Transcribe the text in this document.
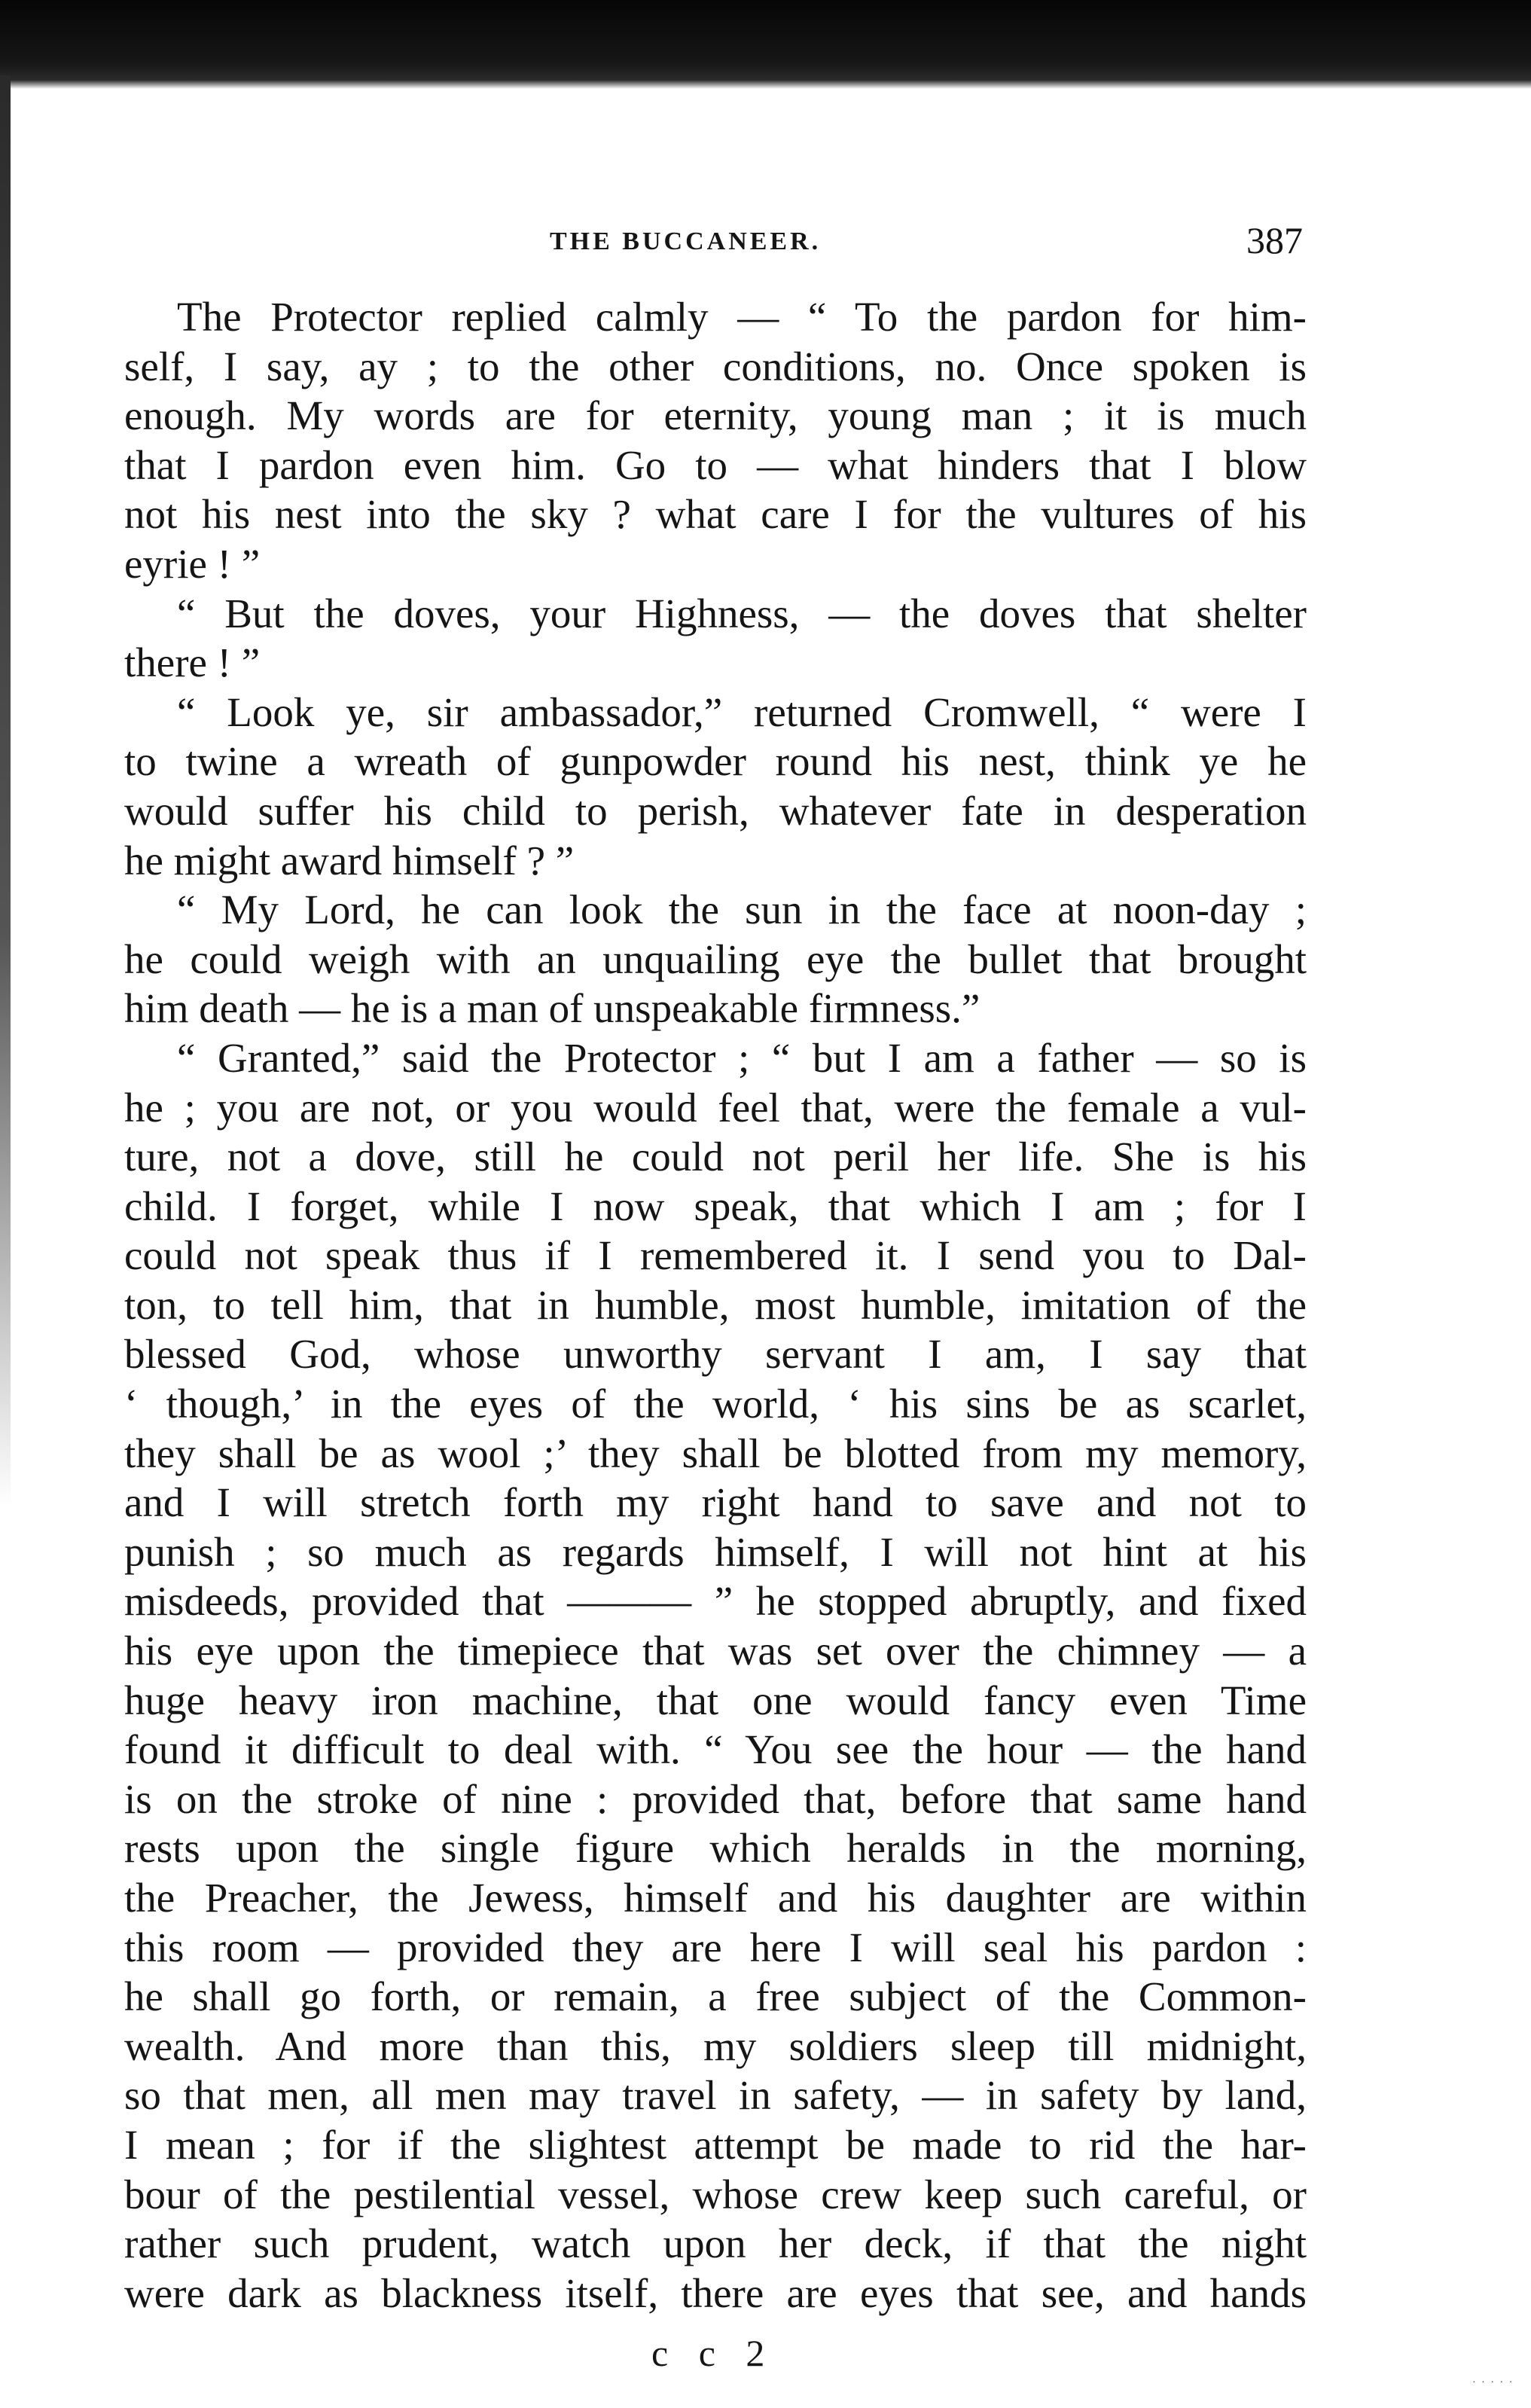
THE BUCCANEER.	387
The Protector replied calmly — “ To the pardon for him-
self, I say, ay ; to the other conditions, no. Once spoken is
enough. My words are for eternity, young man ; it is much
that I pardon even him. Go to — what hinders that I blow
not his nest into the sky ? what care I for the vultures of his
eyrie ! ”
“ But the doves, your Highness, — the doves that shelter
there ! ”
“ Look ye, sir ambassador,” returned Cromwell, “ were I
to twine a wreath of gunpowder round his nest, think ye he
would suffer his child to perish, whatever fate in desperation
he might award himself ? ”
“ My Lord, he can look the sun in the face at noon-day ;
he could weigh with an unquailing eye the bullet that brought
him death — he is a man of unspeakable firmness.”
“ Granted,” said the Protector ; “ but I am a father — so is
he ; you are not, or you would feel that, were the female a vul-
ture, not a dove, still he could not peril her life. She is his
child. I forget, while I now speak, that which I am ; for I
could not speak thus if I remembered it. I send you to Dal-
ton, to tell him, that in humble, most humble, imitation of the
blessed God, whose unworthy servant I am, I say that
‘ though,’ in the eyes of the world, ‘ his sins be as scarlet,
they shall be as wool ;’ they shall be blotted from my memory,
and I will stretch forth my right hand to save and not to
punish ; so much as regards himself, I will not hint at his
misdeeds, provided that ——— ” he stopped abruptly, and fixed
his eye upon the timepiece that was set over the chimney — a
huge heavy iron machine, that one would fancy even Time
found it difficult to deal with. “ You see the hour — the hand
is on the stroke of nine : provided that, before that same hand
rests upon the single figure which heralds in the morning,
the Preacher, the Jewess, himself and his daughter are within
this room — provided they are here I will seal his pardon :
he shall go forth, or remain, a free subject of the Common-
wealth. And more than this, my soldiers sleep till midnight,
so that men, all men may travel in safety, — in safety by land,
I mean ; for if the slightest attempt be made to rid the har-
bour of the pestilential vessel, whose crew keep such careful, or
rather such prudent, watch upon her deck, if that the night
were dark as blackness itself, there are eyes that see, and hands
c c 2
· · · · ·
